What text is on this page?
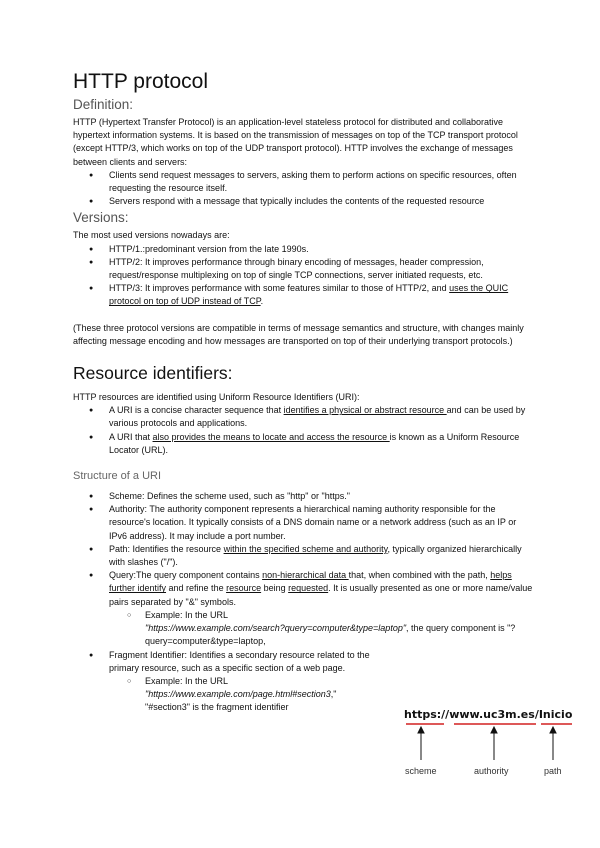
HTTP protocol
Definition:

HTTP (Hypertext Transfer Protocol) is an application-level stateless protocol for distributed and collaborative hypertext information systems. It is based on the transmission of messages on top of the TCP transport protocol (except HTTP/3, which works on top of the UDP transport protocol). HTTP involves the exchange of messages between clients and servers:

● Clients send request messages to servers, asking them to perform actions on specific resources, often requesting the resource itself.
● Servers respond with a message that typically includes the contents of the requested resource
Versions:

The most used versions nowadays are:

● HTTP/1.:predominant version from the late 1990s.
● HTTP/2: It improves performance through binary encoding of messages, header compression, request/response multiplexing on top of single TCP connections, server initiated requests, etc.
● HTTP/3: It improves performance with some features similar to those of HTTP/2, and uses the QUIC protocol on top of UDP instead of TCP.

(These three protocol versions are compatible in terms of message semantics and structure, with changes mainly affecting message encoding and how messages are transported on top of their underlying transport protocols.)

Resource identifiers:

HTTP resources are identified using Uniform Resource Identifiers (URI):

● A URI is a concise character sequence that identifies a physical or abstract resource and can be used by various protocols and applications.
● A URI that also provides the means to locate and access the resource is known as a Uniform Resource Locator (URL).
Structure of a URI
● Scheme: Defines the scheme used, such as "http" or "https."
● Authority: The authority component represents a hierarchical naming authority responsible for the resource's location. It typically consists of a DNS domain name or a network address (such as an IP or IPv6 address). It may include a port number.
● Path: Identifies the resource within the specified scheme and authority, typically organized hierarchically with slashes ("/").
● Query:The query component contains non-hierarchical data that, when combined with the path, helps further identify and refine the resource being requested. It is usually presented as one or more name/value pairs separated by "&" symbols.
○ Example: In the URL
"https://www.example.com/search?query=computer&type=laptop", the query component is "?query=computer&type=laptop,
● Fragment Identifier: Identifies a secondary resource related to the primary resource, such as a specific section of a web page.
○ Example: In the URL
"https://www.example.com/page.html#section3,"
"#section3" is the fragment identifier
https://www.uc3m.es/Inicio
scheme	authority	path
